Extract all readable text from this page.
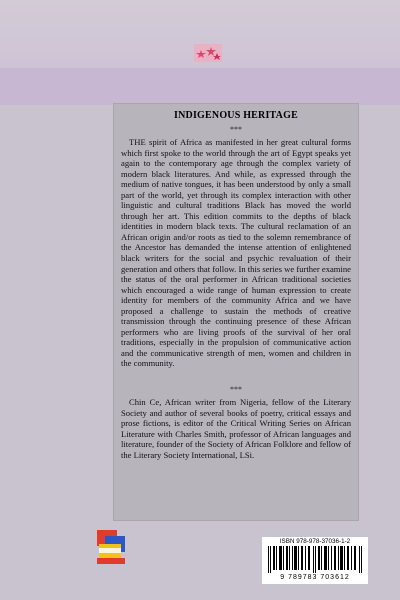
INDIGENOUS HERITAGE
***

THE spirit of Africa as manifested in her great cultural forms which first spoke to the world through the art of Egypt speaks yet again to the contemporary age through the complex variety of modern black literatures. And while, as expressed through the medium of native tongues, it has been understood by only a small part of the world, yet through its complex interaction with other linguistic and cultural traditions Black has moved the world through her art. This edition commits to the depths of black identities in modern black texts. The cultural reclamation of an African origin and/or roots as tied to the solemn remembrance of the Ancestor has demanded the intense attention of enlightened black writers for the social and psychic revaluation of their generation and others that follow. In this series we further examine the status of the oral performer in African traditional societies which encouraged a wide range of human expression to create identity for members of the community Africa and we have proposed a challenge to sustain the methods of creative transmission through the continuing presence of these African performers who are living proofs of the survival of her oral traditions, especially in the propulsion of communicative action and the communicative strength of men, women and children in the community.

***

Chin Ce, African writer from Nigeria, fellow of the Literary Society and author of several books of poetry, critical essays and prose fictions, is editor of the Critical Writing Series on African Literature with Charles Smith, professor of African languages and literature, founder of the Society of African Folklore and fellow of the Literary Society International, LSi.

ISBN 978-978-37036-1-2
9 789783 703612
